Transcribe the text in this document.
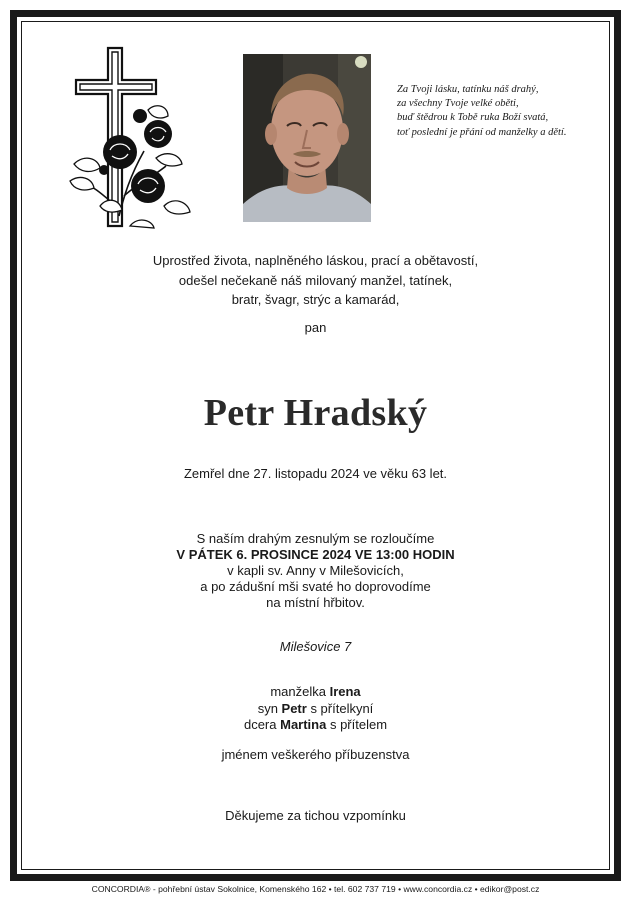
Za Tvoji lásku, tatínku náš drahý,
za všechny Tvoje velké oběti,
buď štědrou k Tobě ruka Boží svatá,
toť poslední je přání od manželky a dětí.
Uprostřed života, naplněného láskou, prací a obětavostí,
odešel nečekaně náš milovaný manžel, tatínek,
bratr, švagr, strýc a kamarád,
pan
Petr Hradský
Zemřel dne 27. listopadu 2024 ve věku 63 let.
S naším drahým zesnulým se rozloučíme
V PÁTEK 6. PROSINCE 2024 VE 13:00 HODIN
v kapli sv. Anny v Milešovicích,
a po zádušní mši svaté ho doprovodíme
na místní hřbitov.
Milešovice 7
manželka Irena
syn Petr s přítelkyní
dcera Martina s přítelem
jménem veškerého příbuzenstva
Děkujeme za tichou vzpomínku
CONCORDIA® - pohřební ústav Sokolnice, Komenského 162 • tel. 602 737 719 • www.concordia.cz • edikor@post.cz
